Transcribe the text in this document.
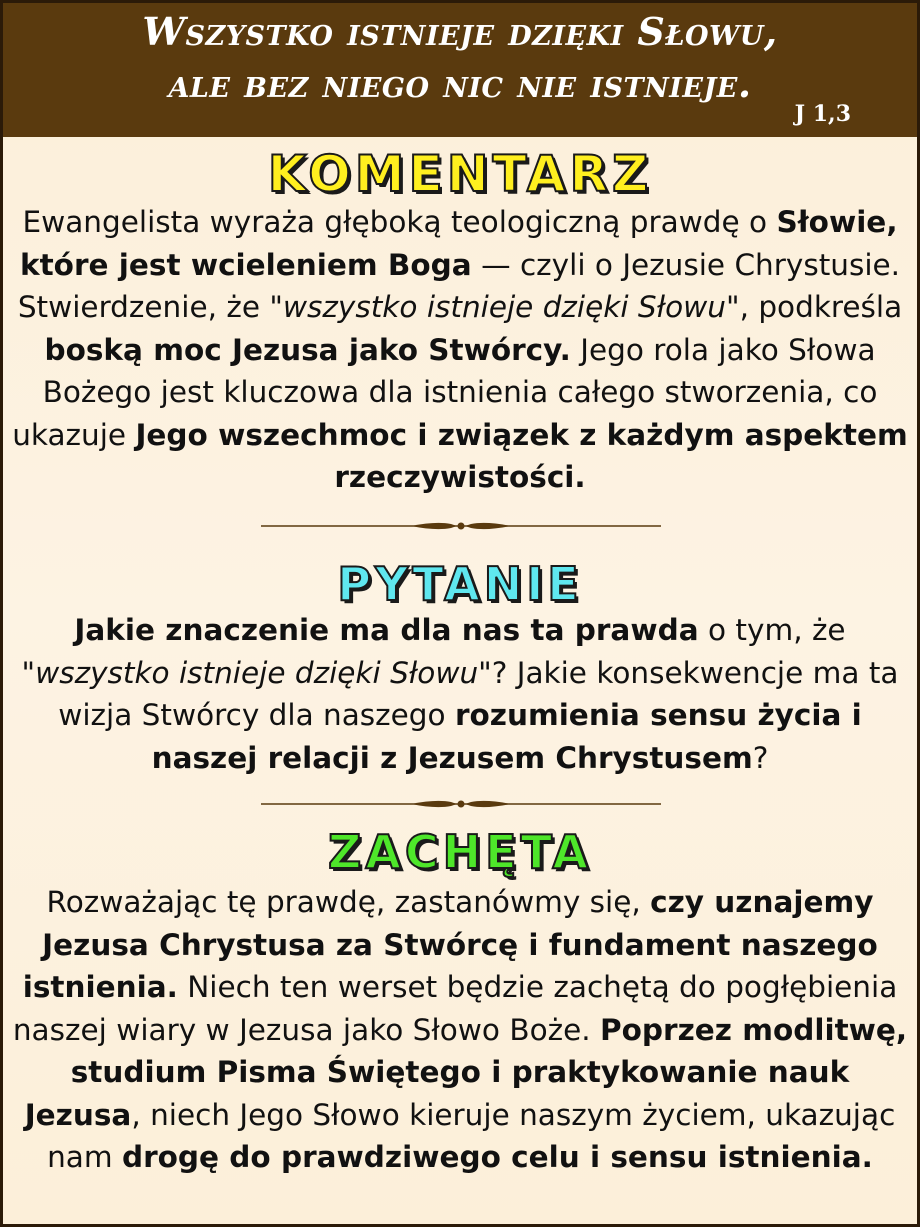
Wszystko istnieje dzięki Słowu,
ale bez niego nic nie istnieje.
J 1,3
KOMENTARZ
Ewangelista wyraża głęboką teologiczną prawdę o Słowie, które jest wcieleniem Boga — czyli o Jezusie Chrystusie. Stwierdzenie, że "wszystko istnieje dzięki Słowu", podkreśla boską moc Jezusa jako Stwórcy. Jego rola jako Słowa Bożego jest kluczowa dla istnienia całego stworzenia, co ukazuje Jego wszechmoc i związek z każdym aspektem rzeczywistości.
PYTANIE
Jakie znaczenie ma dla nas ta prawda o tym, że "wszystko istnieje dzięki Słowu"? Jakie konsekwencje ma ta wizja Stwórcy dla naszego rozumienia sensu życia i naszej relacji z Jezusem Chrystusem?
ZACHĘTA
Rozważając tę prawdę, zastanówmy się, czy uznajemy Jezusa Chrystusa za Stwórcę i fundament naszego istnienia. Niech ten werset będzie zachętą do pogłębienia naszej wiary w Jezusa jako Słowo Boże. Poprzez modlitwę, studium Pisma Świętego i praktykowanie nauk Jezusa, niech Jego Słowo kieruje naszym życiem, ukazując nam drogę do prawdziwego celu i sensu istnienia.
